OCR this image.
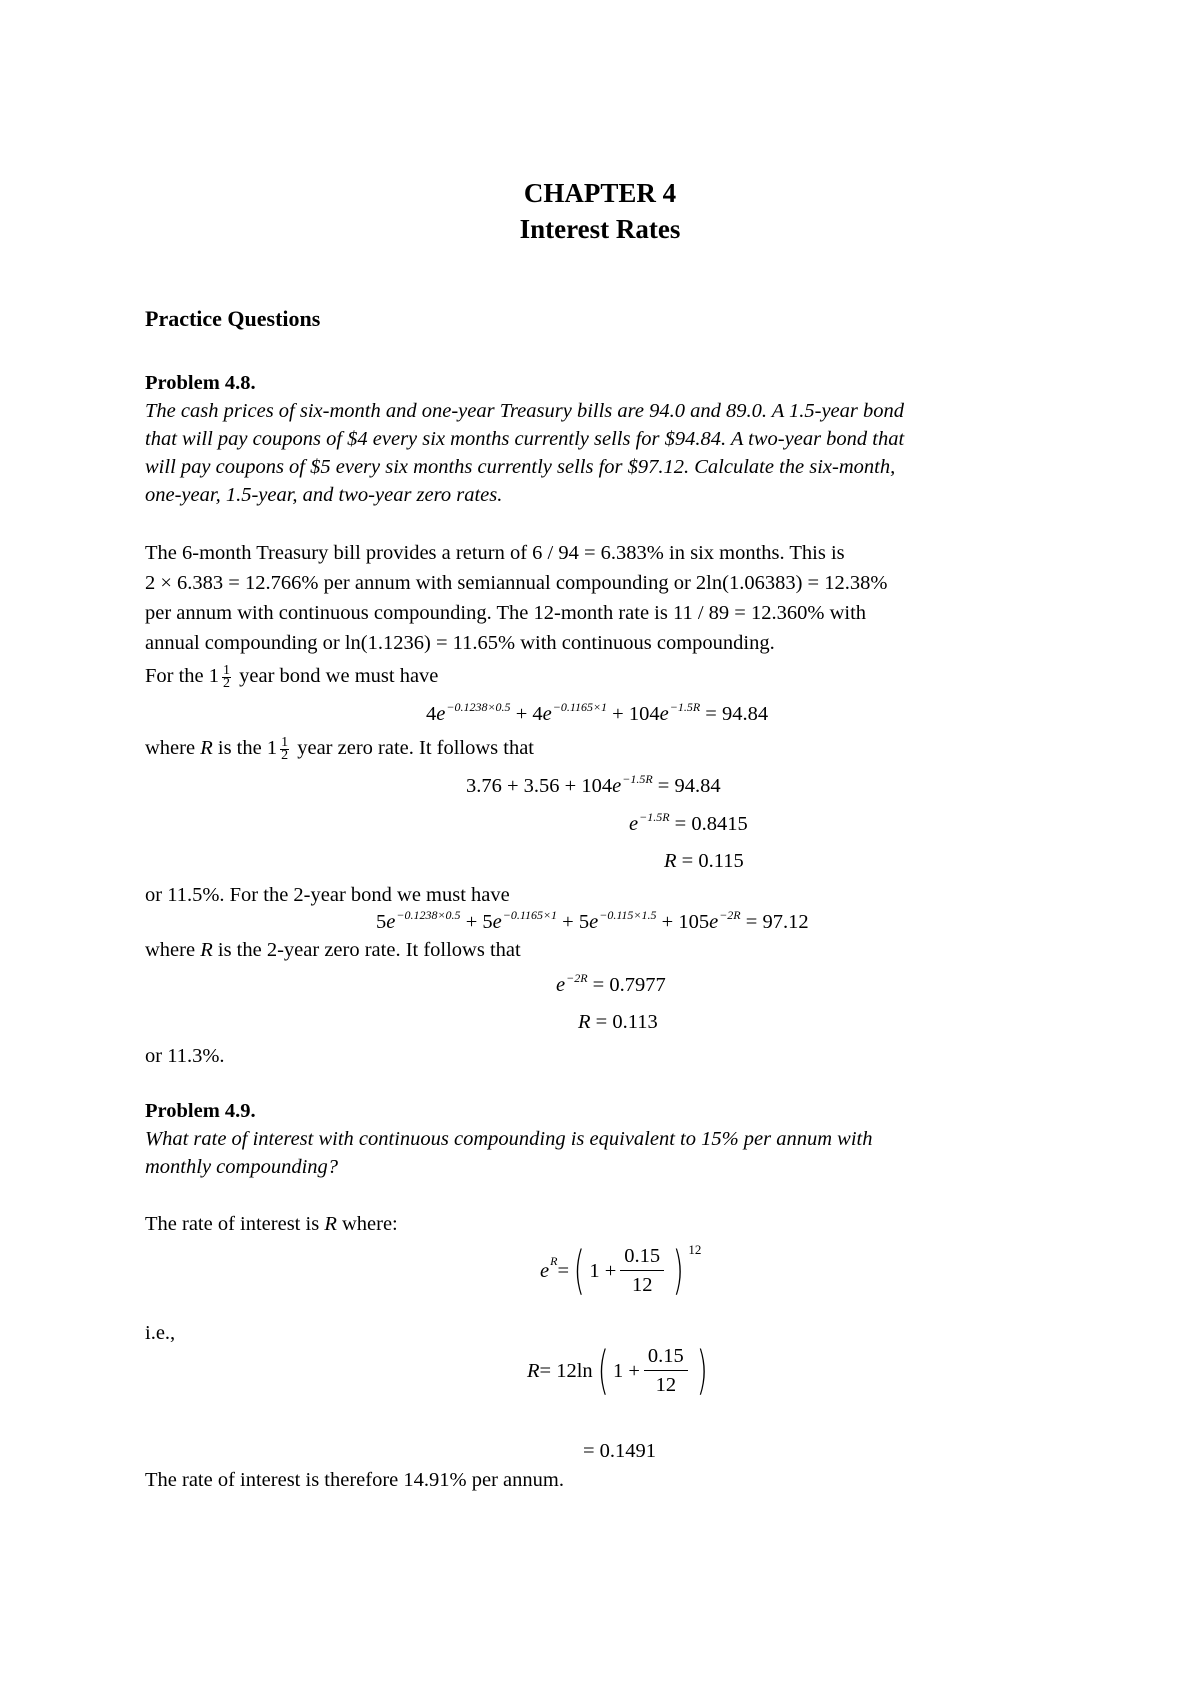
CHAPTER 4
Interest Rates
Practice Questions
Problem 4.8.
The cash prices of six-month and one-year Treasury bills are 94.0 and 89.0. A 1.5-year bond
that will pay coupons of $4 every six months currently sells for $94.84. A two-year bond that
will pay coupons of $5 every six months currently sells for $97.12. Calculate the six-month,
one-year, 1.5-year, and two-year zero rates.
The 6-month Treasury bill provides a return of 6 / 94 = 6.383% in six months. This is
2 × 6.383 = 12.766% per annum with semiannual compounding or 2ln(1.06383) = 12.38%
per annum with continuous compounding. The 12-month rate is 11 / 89 = 12.360% with
annual compounding or ln(1.1236) = 11.65% with continuous compounding.
For the $1 \frac{1}{2}$ year bond we must have
$4e^{-0.1238\times 0.5} + 4e^{-0.1165\times 1} + 104e^{-1.5R} = 94.84$
where R is the $1 \frac{1}{2}$ year zero rate. It follows that
$3.76 + 3.56 + 104e^{-1.5R} = 94.84$
$e^{-1.5R} = 0.8415$
R = 0.115
or 11.5%. For the 2-year bond we must have
$5e^{-0.1238\times 0.5} + 5e^{-0.1165\times 1} + 5e^{-0.115\times 1.5} + 105e^{-2R} = 97.12$
where R is the 2-year zero rate. It follows that
$e^{-2R} = 0.7977$
R = 0.113
or 11.3%.
Problem 4.9.
What rate of interest with continuous compounding is equivalent to 15% per annum with
monthly compounding?
The rate of interest is R where:
$e^R$ = ( $1 + \frac{0.15}{12}$ ) 12
i.e.,
R = 12ln ( $1 + \frac{0.15}{12}$ )
= 0.1491
The rate of interest is therefore 14.91% per annum.
